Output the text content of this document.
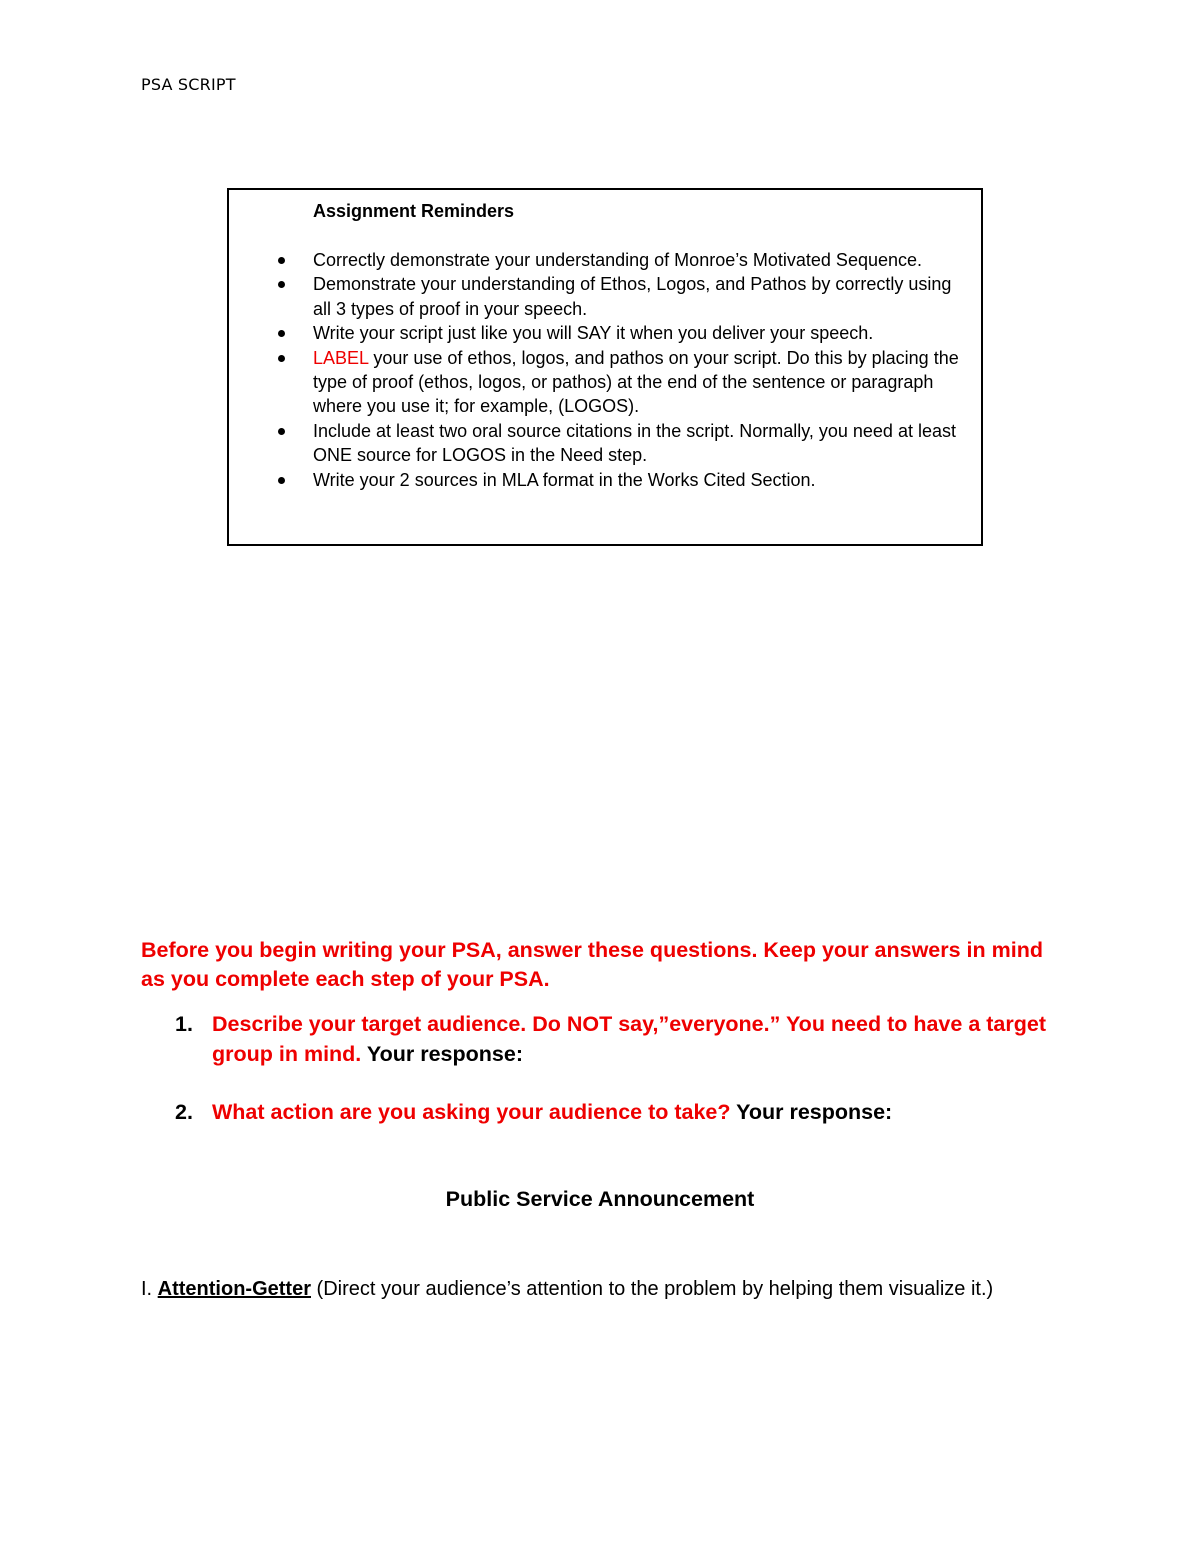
PSA SCRIPT
Assignment Reminders
Correctly demonstrate your understanding of Monroe’s Motivated Sequence.
Demonstrate your understanding of Ethos, Logos, and Pathos by correctly using all 3 types of proof in your speech.
Write your script just like you will SAY it when you deliver your speech.
LABEL your use of ethos, logos, and pathos on your script. Do this by placing the type of proof (ethos, logos, or pathos) at the end of the sentence or paragraph where you use it; for example, (LOGOS).
Include at least two oral source citations in the script. Normally, you need at least ONE source for LOGOS in the Need step.
Write your 2 sources in MLA format in the Works Cited Section.
Before you begin writing your PSA, answer these questions. Keep your answers in mind as you complete each step of your PSA.
1. Describe your target audience. Do NOT say,”everyone.” You need to have a target group in mind. Your response:
2. What action are you asking your audience to take? Your response:
Public Service Announcement
I. Attention-Getter (Direct your audience’s attention to the problem by helping them visualize it.)
